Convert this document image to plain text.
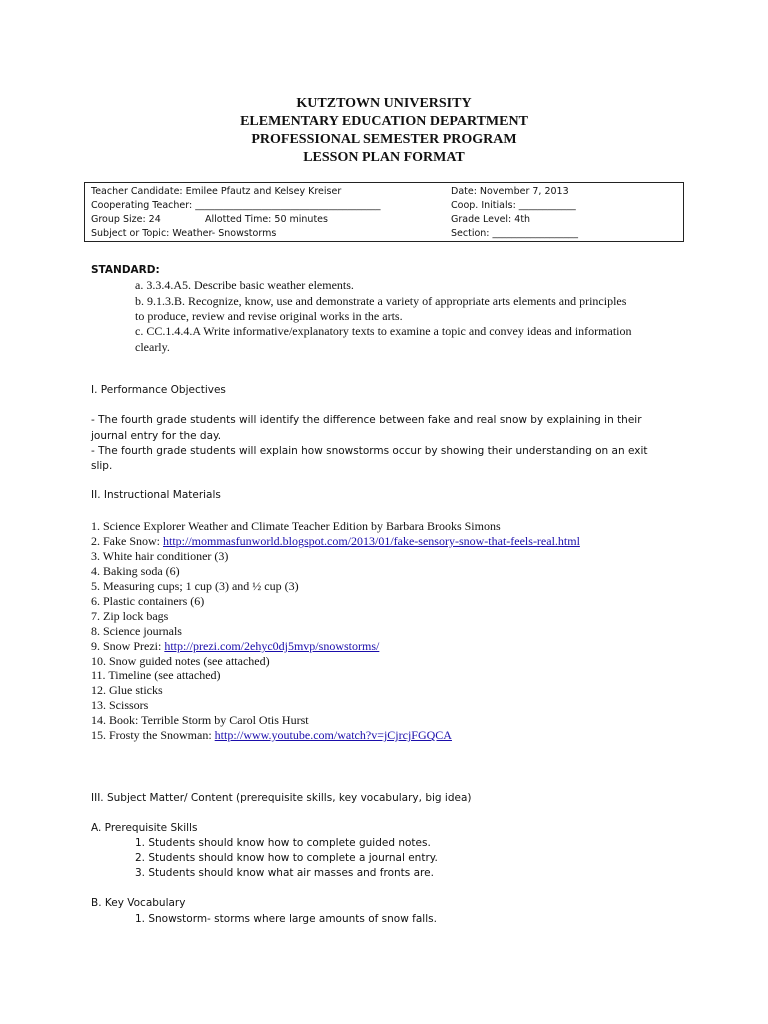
KUTZTOWN UNIVERSITY
ELEMENTARY EDUCATION DEPARTMENT
PROFESSIONAL SEMESTER PROGRAM
LESSON PLAN FORMAT
Teacher Candidate: Emilee Pfautz and Kelsey Kreiser
Cooperating Teacher: _______________________________________
Group Size: 24	Allotted Time: 50 minutes
Subject or Topic: Weather- Snowstorms
Date: November 7, 2013
Coop. Initials: ____________
Grade Level: 4th
Section: __________________
STANDARD:
a. 3.3.4.A5. Describe basic weather elements.
b. 9.1.3.B. Recognize, know, use and demonstrate a variety of appropriate arts elements and principles
to produce, review and revise original works in the arts.
c. CC.1.4.4.A Write informative/explanatory texts to examine a topic and convey ideas and information
clearly.
I. Performance Objectives
- The fourth grade students will identify the difference between fake and real snow by explaining in their
journal entry for the day.
- The fourth grade students will explain how snowstorms occur by showing their understanding on an exit
slip.
II. Instructional Materials
1. Science Explorer Weather and Climate Teacher Edition by Barbara Brooks Simons
2. Fake Snow: http://mommasfunworld.blogspot.com/2013/01/fake-sensory-snow-that-feels-real.html
3. White hair conditioner (3)
4. Baking soda (6)
5. Measuring cups; 1 cup (3) and ½ cup (3)
6. Plastic containers (6)
7. Zip lock bags
8. Science journals
9. Snow Prezi: http://prezi.com/2ehyc0dj5mvp/snowstorms/
10. Snow guided notes (see attached)
11. Timeline (see attached)
12. Glue sticks
13. Scissors
14. Book: Terrible Storm by Carol Otis Hurst
15. Frosty the Snowman: http://www.youtube.com/watch?v=jCjrcjFGQCA
III. Subject Matter/ Content (prerequisite skills, key vocabulary, big idea)
A. Prerequisite Skills
1. Students should know how to complete guided notes.
2. Students should know how to complete a journal entry.
3. Students should know what air masses and fronts are.
B. Key Vocabulary
1. Snowstorm- storms where large amounts of snow falls.
